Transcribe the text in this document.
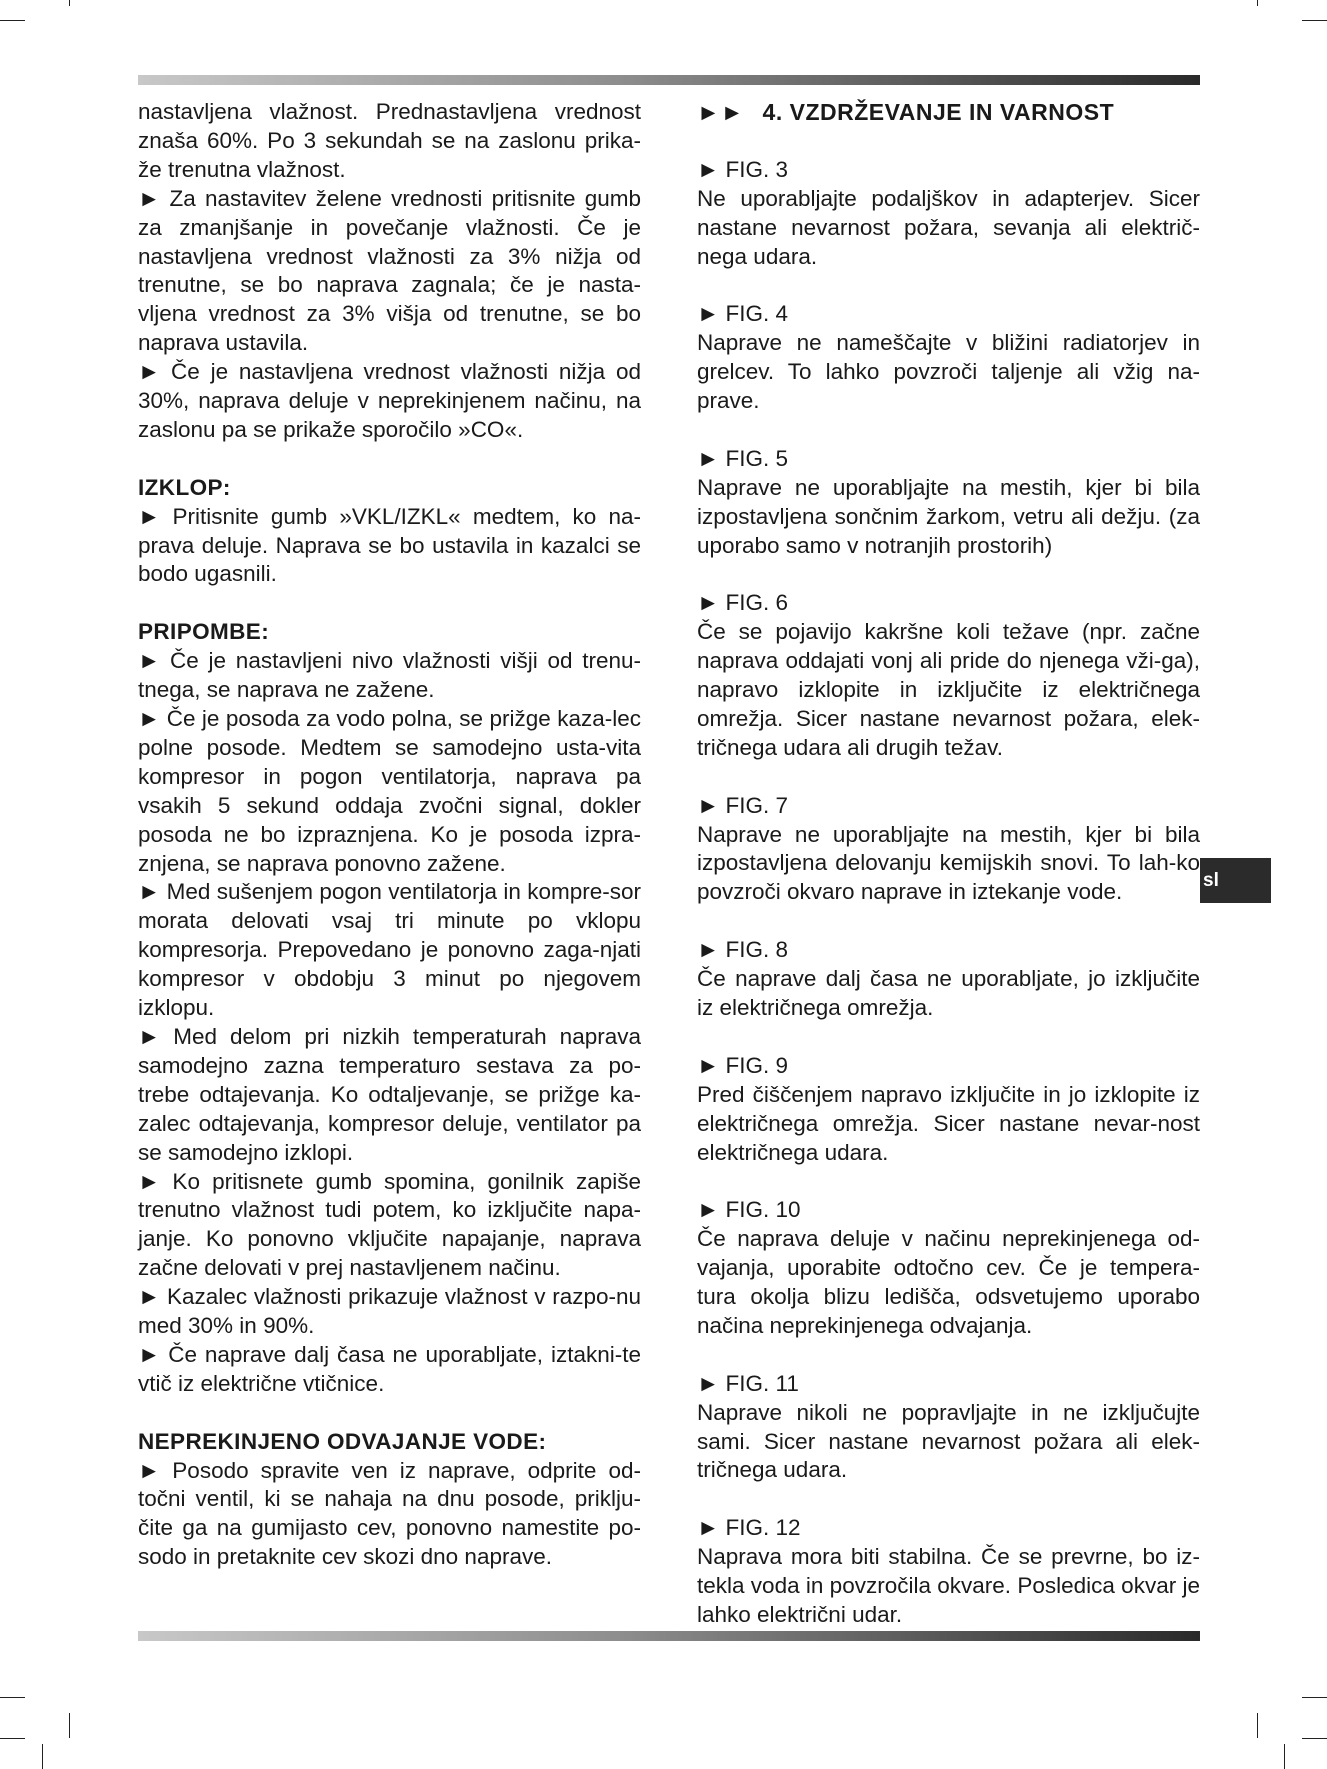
sl

nastavljena vlažnost. Prednastavljena vrednost znaša 60%. Po 3 sekundah se na zaslonu prika-že trenutna vlažnost.

► Za nastavitev želene vrednosti pritisnite gumb za zmanjšanje in povečanje vlažnosti. Če je nastavljena vrednost vlažnosti za 3% nižja od trenutne, se bo naprava zagnala; če je nasta-vljena vrednost za 3% višja od trenutne, se bo naprava ustavila.

► Če je nastavljena vrednost vlažnosti nižja od 30%, naprava deluje v neprekinjenem načinu, na zaslonu pa se prikaže sporočilo »CO«.

IZKLOP:

► Pritisnite gumb »VKL/IZKL« medtem, ko na-prava deluje. Naprava se bo ustavila in kazalci se bodo ugasnili.

PRIPOMBE:

► Če je nastavljeni nivo vlažnosti višji od trenu-tnega, se naprava ne zažene.

► Če je posoda za vodo polna, se prižge kaza-lec polne posode. Medtem se samodejno usta-vita kompresor in pogon ventilatorja, naprava pa vsakih 5 sekund oddaja zvočni signal, dokler posoda ne bo izpraznjena. Ko je posoda izpra-znjena, se naprava ponovno zažene.

► Med sušenjem pogon ventilatorja in kompre-sor morata delovati vsaj tri minute po vklopu kompresorja. Prepovedano je ponovno zaga-njati kompresor v obdobju 3 minut po njegovem izklopu.

► Med delom pri nizkih temperaturah naprava samodejno zazna temperaturo sestava za po-trebe odtajevanja. Ko odtaljevanje, se prižge ka-zalec odtajevanja, kompresor deluje, ventilator pa se samodejno izklopi.

► Ko pritisnete gumb spomina, gonilnik zapiše trenutno vlažnost tudi potem, ko izključite napa-janje. Ko ponovno vključite napajanje, naprava začne delovati v prej nastavljenem načinu.

► Kazalec vlažnosti prikazuje vlažnost v razpo-nu med 30% in 90%.

► Če naprave dalj časa ne uporabljate, iztakni-te vtič iz električne vtičnice.

NEPREKINJENO ODVAJANJE VODE:

► Posodo spravite ven iz naprave, odprite od-točni ventil, ki se nahaja na dnu posode, priklju-čite ga na gumijasto cev, ponovno namestite po-sodo in pretaknite cev skozi dno naprave.

►► 4. VZDRŽEVANJE IN VARNOST

► FIG. 3

Ne uporabljajte podaljškov in adapterjev. Sicer nastane nevarnost požara, sevanja ali električ-nega udara.

► FIG. 4

Naprave ne nameščajte v bližini radiatorjev in grelcev. To lahko povzroči taljenje ali vžig na-prave.

► FIG. 5

Naprave ne uporabljajte na mestih, kjer bi bila izpostavljena sončnim žarkom, vetru ali dežju. (za uporabo samo v notranjih prostorih)

► FIG. 6

Če se pojavijo kakršne koli težave (npr. začne naprava oddajati vonj ali pride do njenega vži-ga), napravo izklopite in izključite iz električnega omrežja. Sicer nastane nevarnost požara, elek-tričnega udara ali drugih težav.

► FIG. 7

Naprave ne uporabljajte na mestih, kjer bi bila izpostavljena delovanju kemijskih snovi. To lah-ko povzroči okvaro naprave in iztekanje vode.

► FIG. 8

Če naprave dalj časa ne uporabljate, jo izključite iz električnega omrežja.

► FIG. 9

Pred čiščenjem napravo izključite in jo izklopite iz električnega omrežja. Sicer nastane nevar-nost električnega udara.

► FIG. 10

Če naprava deluje v načinu neprekinjenega od-vajanja, uporabite odtočno cev. Če je tempera-tura okolja blizu ledišča, odsvetujemo uporabo načina neprekinjenega odvajanja.

► FIG. 11

Naprave nikoli ne popravljajte in ne izključujte sami. Sicer nastane nevarnost požara ali elek-tričnega udara.

► FIG. 12

Naprava mora biti stabilna. Če se prevrne, bo iz-tekla voda in povzročila okvare. Posledica okvar je lahko električni udar.
